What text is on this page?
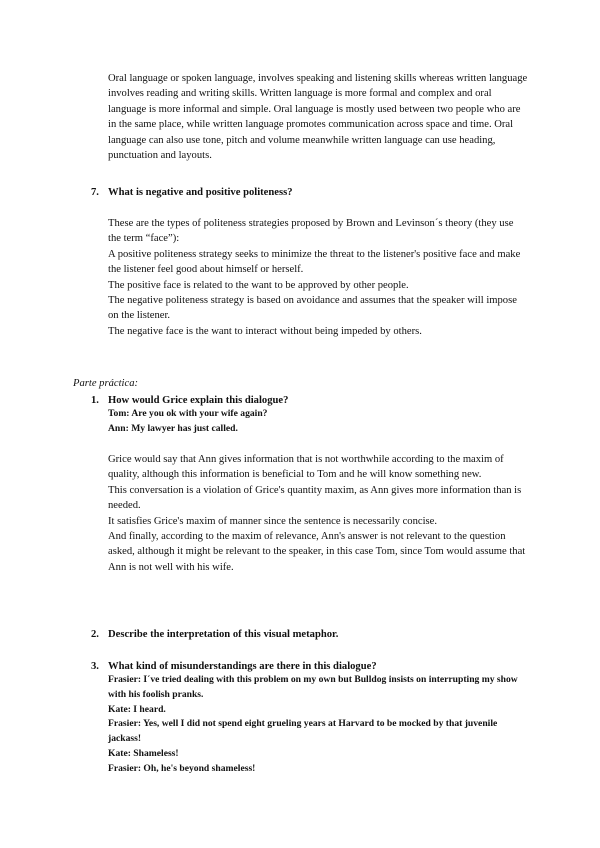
Oral language or spoken language, involves speaking and listening skills whereas written language involves reading and writing skills. Written language is more formal and complex and oral language is more informal and simple. Oral language is mostly used between two people who are in the same place, while written language promotes communication across space and time. Oral language can also use tone, pitch and volume meanwhile written language can use heading, punctuation and layouts.

7. What is negative and positive politeness?

These are the types of politeness strategies proposed by Brown and Levinson´s theory (they use the term “face”):

A positive politeness strategy seeks to minimize the threat to the listener's positive face and make the listener feel good about himself or herself.

The positive face is related to the want to be approved by other people.

The negative politeness strategy is based on avoidance and assumes that the speaker will impose on the listener.

The negative face is the want to interact without being impeded by others.

Parte práctica:
1. How would Grice explain this dialogue?

Tom: Are you ok with your wife again?

Ann: My lawyer has just called.

Grice would say that Ann gives information that is not worthwhile according to the maxim of quality, although this information is beneficial to Tom and he will know something new.

This conversation is a violation of Grice's quantity maxim, as Ann gives more information than is needed.

It satisfies Grice's maxim of manner since the sentence is necessarily concise.

And finally, according to the maxim of relevance, Ann's answer is not relevant to the question asked, although it might be relevant to the speaker, in this case Tom, since Tom would assume that Ann is not well with his wife.

2. Describe the interpretation of this visual metaphor.
3. What kind of misunderstandings are there in this dialogue?

Frasier: I´ve tried dealing with this problem on my own but Bulldog insists on interrupting my show with his foolish pranks.

Kate: I heard.

Frasier: Yes, well I did not spend eight grueling years at Harvard to be mocked by that juvenile jackass!

Kate: Shameless!

Frasier: Oh, he's beyond shameless!
